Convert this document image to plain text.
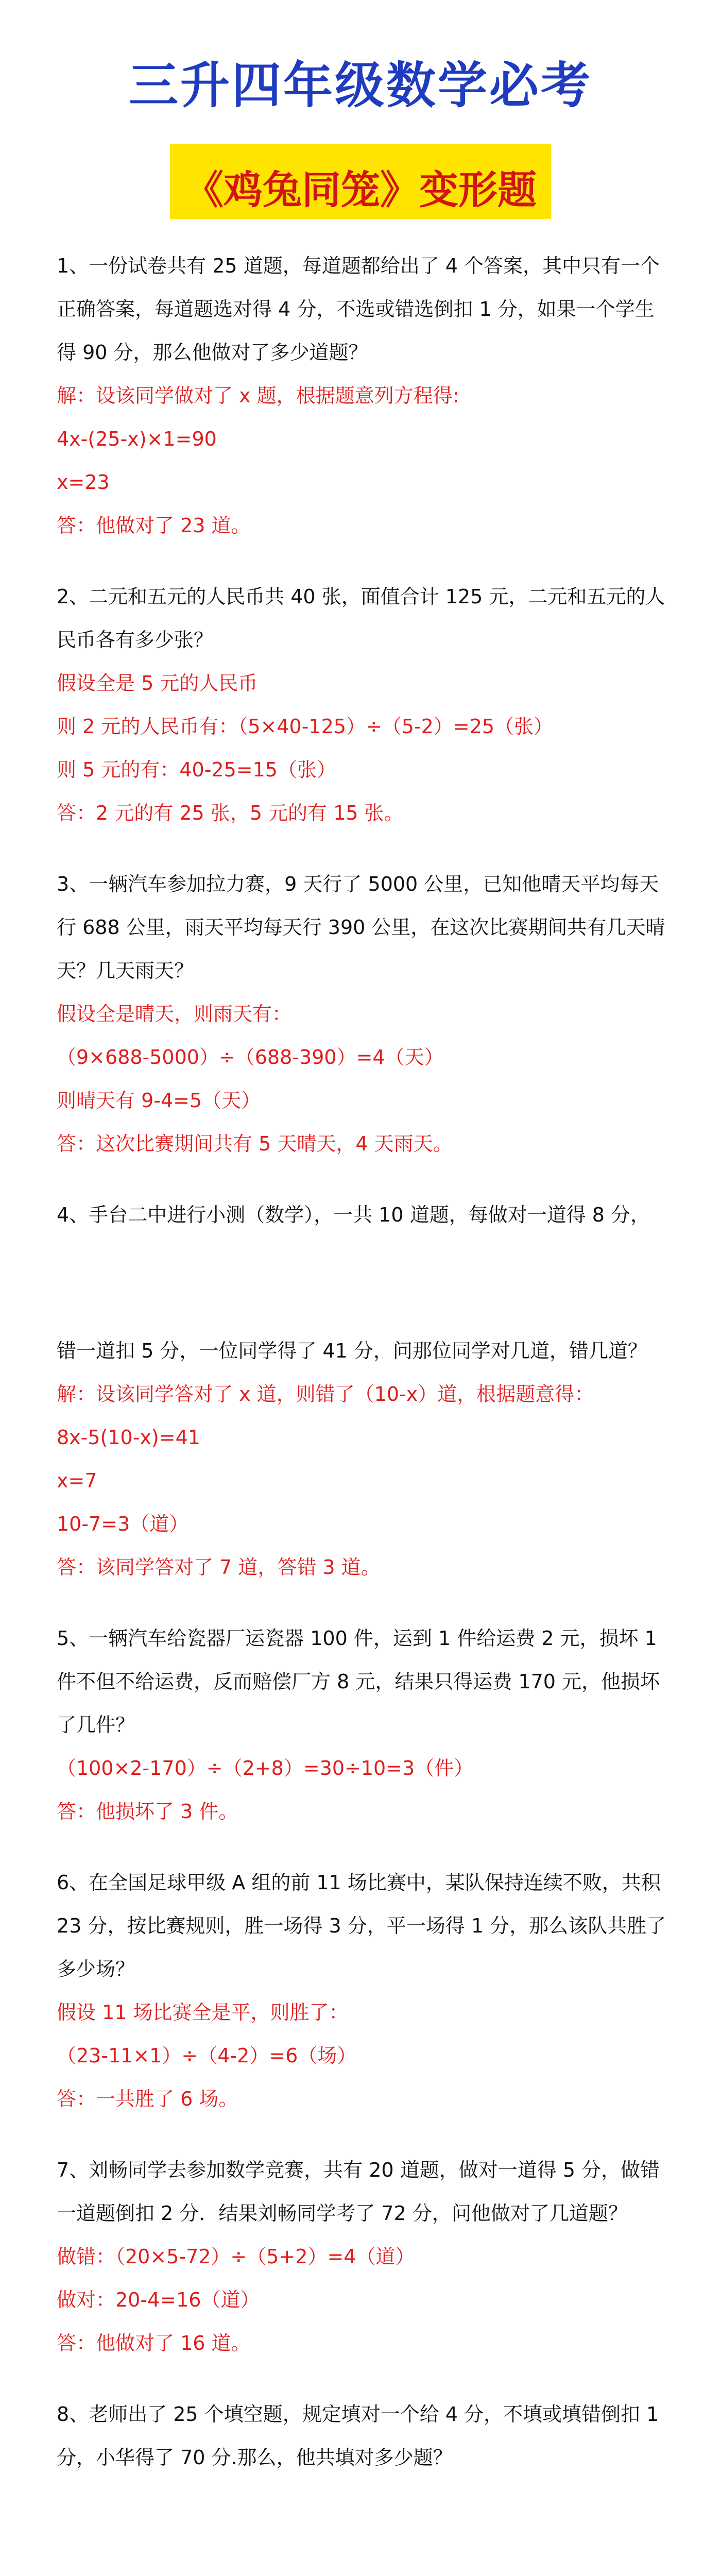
三升四年级数学必考
《鸡兔同笼》变形题
1、一份试卷共有 25 道题，每道题都给出了 4 个答案，其中只有一个
正确答案，每道题选对得 4 分，不选或错选倒扣 1 分，如果一个学生
得 90 分，那么他做对了多少道题？
解：设该同学做对了 x 题，根据题意列方程得:
4x-(25-x)×1=90
x=23
答：他做对了 23 道。
2、二元和五元的人民币共 40 张，面值合计 125 元，二元和五元的人
民币各有多少张？
假设全是 5 元的人民币
则 2 元的人民币有：（5×40-125）÷（5-2）=25（张）
则 5 元的有：40-25=15（张）
答：2 元的有 25 张，5 元的有 15 张。
3、一辆汽车参加拉力赛，9 天行了 5000 公里，已知他晴天平均每天
行 688 公里，雨天平均每天行 390 公里，在这次比赛期间共有几天晴
天？几天雨天？
假设全是晴天，则雨天有：
（9×688-5000）÷（688-390）=4（天）
则晴天有 9-4=5（天）
答：这次比赛期间共有 5 天晴天，4 天雨天。
4、手台二中进行小测（数学），一共 10 道题，每做对一道得 8 分，
错一道扣 5 分，一位同学得了 41 分，问那位同学对几道，错几道？
解：设该同学答对了 x 道，则错了（10-x）道，根据题意得：
8x-5(10-x)=41
x=7
10-7=3（道）
答：该同学答对了 7 道，答错 3 道。
5、一辆汽车给瓷器厂运瓷器 100 件，运到 1 件给运费 2 元，损坏 1
件不但不给运费，反而赔偿厂方 8 元，结果只得运费 170 元，他损坏
了几件？
（100×2-170）÷（2+8）=30÷10=3（件）
答：他损坏了 3 件。
6、在全国足球甲级 A 组的前 11 场比赛中，某队保持连续不败，共积
23 分，按比赛规则，胜一场得 3 分，平一场得 1 分，那么该队共胜了
多少场？
假设 11 场比赛全是平，则胜了：
（23-11×1）÷（4-2）=6（场）
答：一共胜了 6 场。
7、刘畅同学去参加数学竞赛，共有 20 道题，做对一道得 5 分，做错
一道题倒扣 2 分．结果刘畅同学考了 72 分，问他做对了几道题？
做错：（20×5-72）÷（5+2）=4（道）
做对：20-4=16（道）
答：他做对了 16 道。
8、老师出了 25 个填空题，规定填对一个给 4 分，不填或填错倒扣 1
分，小华得了 70 分.那么，他共填对多少题？
